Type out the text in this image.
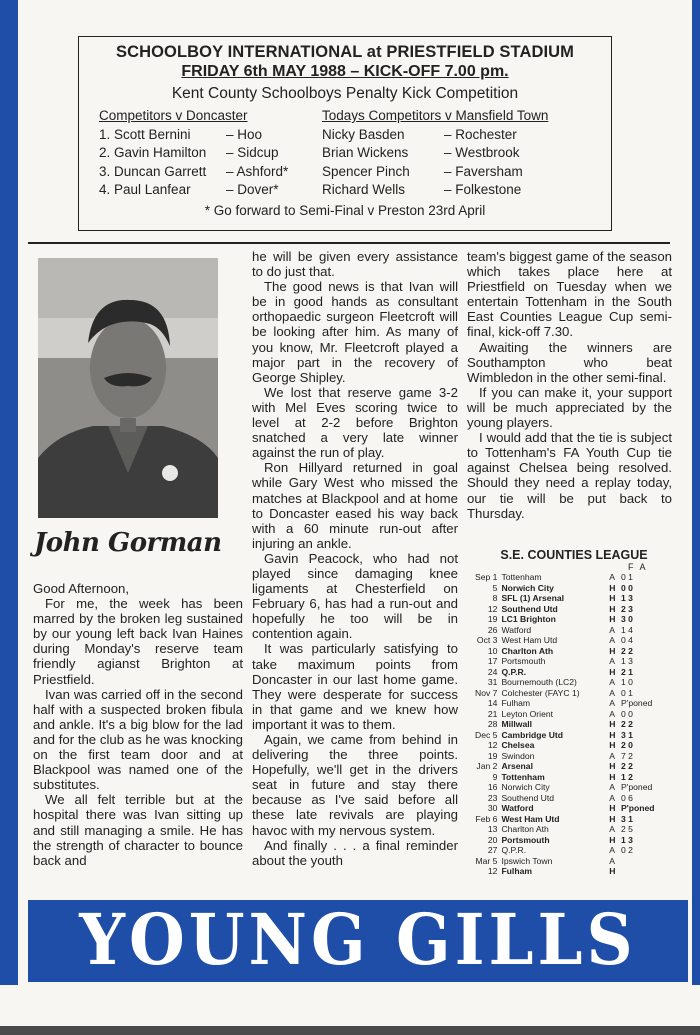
SCHOOLBOY INTERNATIONAL at PRIESTFIELD STADIUM
FRIDAY 6th MAY 1988 – KICK-OFF 7.00 pm.
Kent County Schoolboys Penalty Kick Competition
Competitors v Doncaster
1. Scott Bernini	– Hoo
2. Gavin Hamilton	– Sidcup
3. Duncan Garrett	– Ashford*
4. Paul Lanfear	– Dover*
Todays Competitors v Mansfield Town
Nicky Basden	– Rochester
Brian Wickens	– Westbrook
Spencer Pinch	– Faversham
Richard Wells	– Folkestone
* Go forward to Semi-Final v Preston 23rd April
John Gorman

Good Afternoon,

For me, the week has been marred by the broken leg sustained by our young left back Ivan Haines during Monday's reserve team friendly agianst Brighton at Priestfield.

Ivan was carried off in the second half with a suspected broken fibula and ankle. It's a big blow for the lad and for the club as he was knocking on the first team door and at Blackpool was named one of the substitutes.

We all felt terrible but at the hospital there was Ivan sitting up and still managing a smile. He has the strength of character to bounce back and

he will be given every assistance to do just that.

The good news is that Ivan will be in good hands as consultant orthopaedic surgeon Fleetcroft will be looking after him. As many of you know, Mr. Fleetcroft played a major part in the recovery of George Shipley.

We lost that reserve game 3-2 with Mel Eves scoring twice to level at 2-2 before Brighton snatched a very late winner against the run of play.

Ron Hillyard returned in goal while Gary West who missed the matches at Blackpool and at home to Doncaster eased his way back with a 60 minute run-out after injuring an ankle.

Gavin Peacock, who had not played since damaging knee ligaments at Chesterfield on February 6, has had a run-out and hopefully he too will be in contention again.

It was particularly satisfying to take maximum points from Doncaster in our last home game. They were desperate for success in that game and we knew how important it was to them.

Again, we came from behind in delivering the three points. Hopefully, we'll get in the drivers seat in future and stay there because as I've said before all these late revivals are playing havoc with my nervous system.

And finally . . . a final reminder about the youth

team's biggest game of the season which takes place here at Priestfield on Tuesday when we entertain Tottenham in the South East Counties League Cup semi-final, kick-off 7.30.

Awaiting the winners are Southampton who beat Wimbledon in the other semi-final.

If you can make it, your support will be much appreciated by the young players.

I would add that the tie is subject to Tottenham's FA Youth Cup tie against Chelsea being resolved. Should they need a replay today, our tie will be put back to Thursday.

S.E. COUNTIES LEAGUE
F A
Sep 1 Tottenham	A 0 1
5 Norwich City	H 0 0
8 SFL (1) Arsenal	H 1 3
12 Southend Utd	H 2 3
19 LC1 Brighton	H 3 0
26 Watford	A 1 4
Oct 3 West Ham Utd	A 0 4
10 Charlton Ath	H 2 2
17 Portsmouth	A 1 3
24 Q.P.R.	H 2 1
31 Bournemouth (LC2)	A 1 0
Nov 7 Colchester (FAYC 1)	A 0 1
14 Fulham	A P'poned
21 Leyton Orient	A 0 0
28 Millwall	H 2 2
Dec 5 Cambridge Utd	H 3 1
12 Chelsea	H 2 0
19 Swindon	A 7 2
Jan 2 Arsenal	H 2 2
9 Tottenham	H 1 2
16 Norwich City	A P'poned
23 Southend Utd	A 0 6
30 Watford	H P'poned
Feb 6 West Ham Utd	H 3 1
13 Charlton Ath	A 2 5
20 Portsmouth	H 1 3
27 Q.P.R.	A 0 2
Mar 5 Ipswich Town	A
12 Fulham	H
YOUNG GILLS
